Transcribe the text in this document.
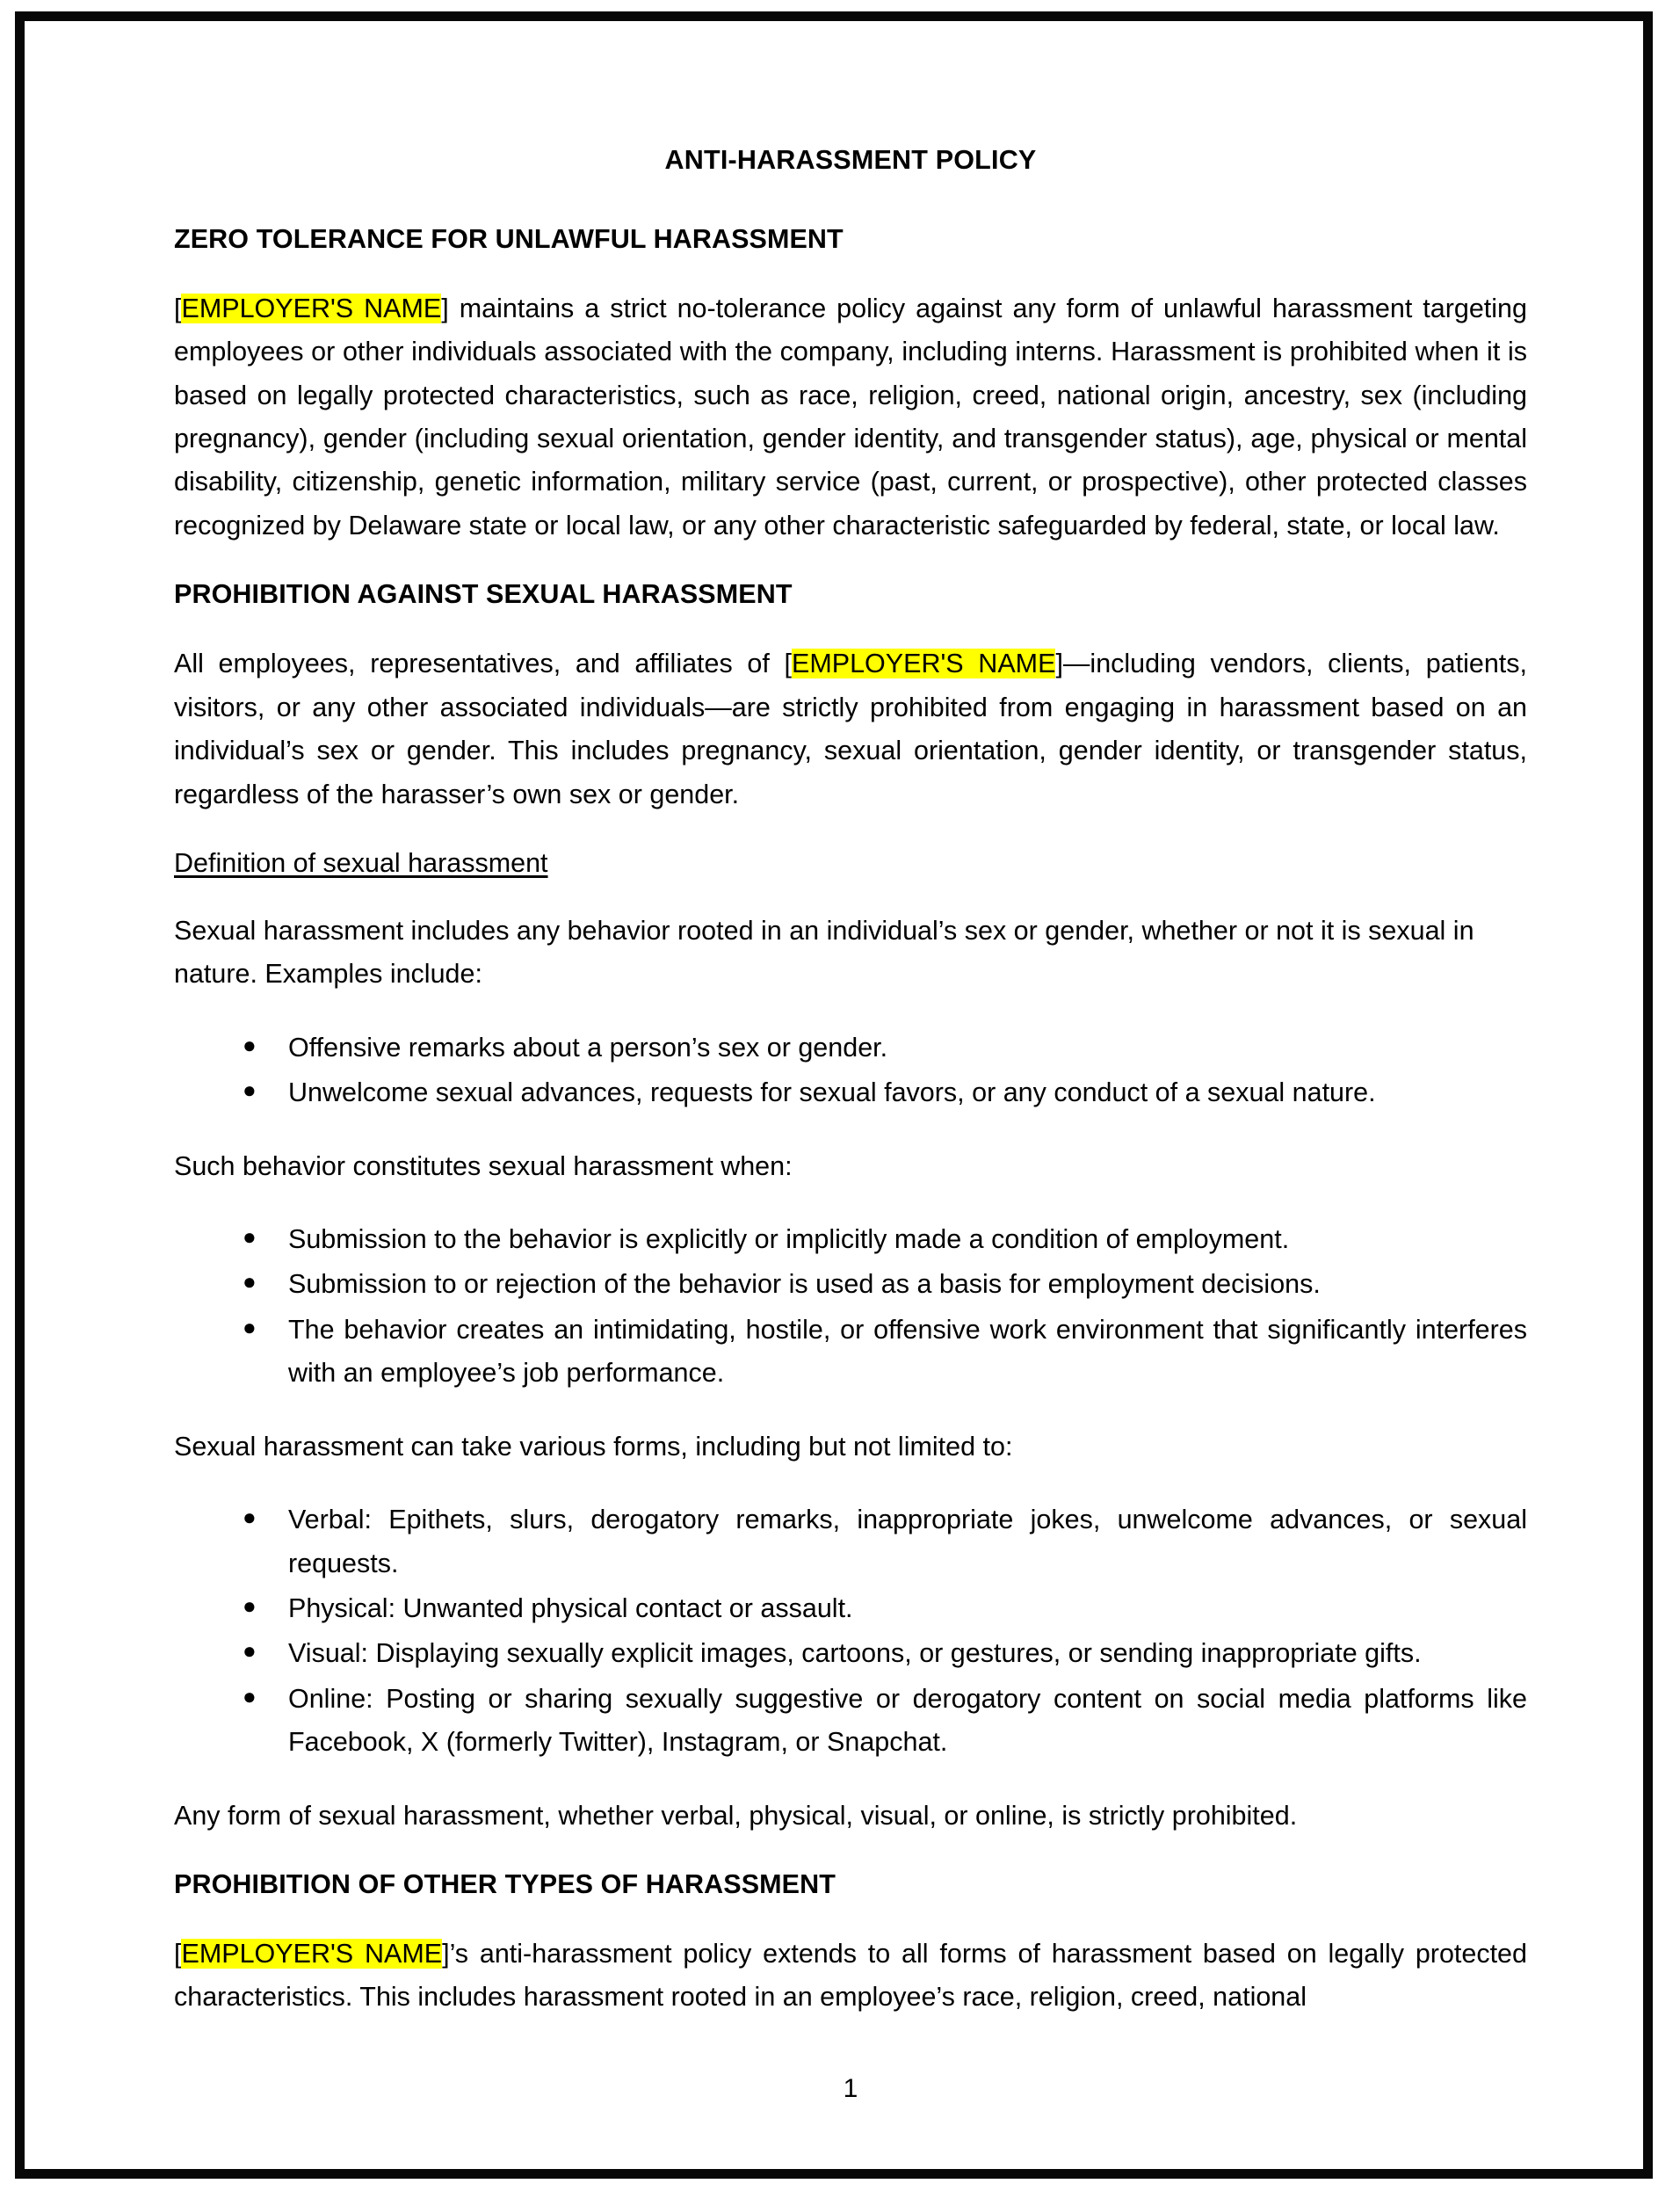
ANTI-HARASSMENT POLICY
ZERO TOLERANCE FOR UNLAWFUL HARASSMENT

[EMPLOYER'S NAME] maintains a strict no-tolerance policy against any form of unlawful harassment targeting employees or other individuals associated with the company, including interns. Harassment is prohibited when it is based on legally protected characteristics, such as race, religion, creed, national origin, ancestry, sex (including pregnancy), gender (including sexual orientation, gender identity, and transgender status), age, physical or mental disability, citizenship, genetic information, military service (past, current, or prospective), other protected classes recognized by Delaware state or local law, or any other characteristic safeguarded by federal, state, or local law.

PROHIBITION AGAINST SEXUAL HARASSMENT

All employees, representatives, and affiliates of [EMPLOYER'S NAME]—including vendors, clients, patients, visitors, or any other associated individuals—are strictly prohibited from engaging in harassment based on an individual’s sex or gender. This includes pregnancy, sexual orientation, gender identity, or transgender status, regardless of the harasser’s own sex or gender.

Definition of sexual harassment

Sexual harassment includes any behavior rooted in an individual’s sex or gender, whether or not it is sexual in nature. Examples include:

● Offensive remarks about a person’s sex or gender.
● Unwelcome sexual advances, requests for sexual favors, or any conduct of a sexual nature.

Such behavior constitutes sexual harassment when:

● Submission to the behavior is explicitly or implicitly made a condition of employment.
● Submission to or rejection of the behavior is used as a basis for employment decisions.
● The behavior creates an intimidating, hostile, or offensive work environment that significantly interferes with an employee’s job performance.

Sexual harassment can take various forms, including but not limited to:

● Verbal: Epithets, slurs, derogatory remarks, inappropriate jokes, unwelcome advances, or sexual requests.
● Physical: Unwanted physical contact or assault.
● Visual: Displaying sexually explicit images, cartoons, or gestures, or sending inappropriate gifts.
● Online: Posting or sharing sexually suggestive or derogatory content on social media platforms like Facebook, X (formerly Twitter), Instagram, or Snapchat.

Any form of sexual harassment, whether verbal, physical, visual, or online, is strictly prohibited.

PROHIBITION OF OTHER TYPES OF HARASSMENT

[EMPLOYER'S NAME]’s anti-harassment policy extends to all forms of harassment based on legally protected characteristics. This includes harassment rooted in an employee’s race, religion, creed, national

1
